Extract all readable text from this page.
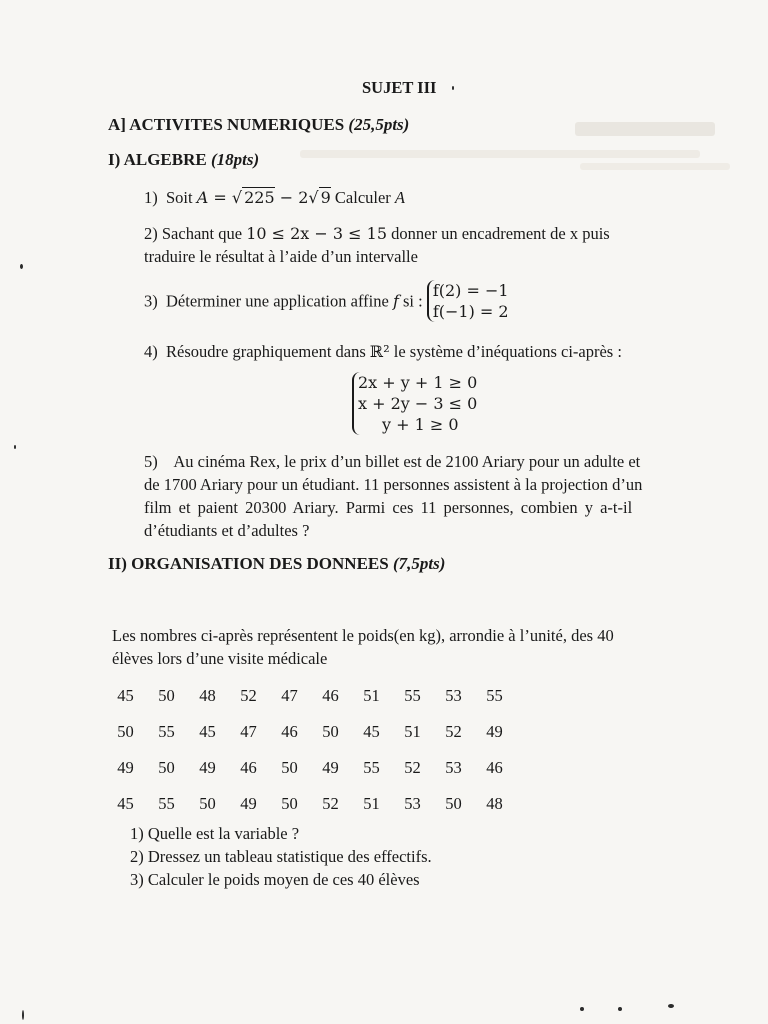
SUJET III
A] ACTIVITES NUMERIQUES (25,5pts)
I) ALGEBRE (18pts)
1) Soit A = √ 225 − 2√ 9 Calculer A
2) Sachant que 10 ≤ 2x − 3 ≤ 15 donner un encadrement de x puis
traduire le résultat à l’aide d’un intervalle
3) Déterminer une application affine f si :
f(2) = −1
f(−1) = 2
4) Résoudre graphiquement dans ℝ² le système d’inéquations ci-après :
2x + y + 1 ≥ 0
x + 2y − 3 ≤ 0
y + 1 ≥ 0
5) Au cinéma Rex, le prix d’un billet est de 2100 Ariary pour un adulte et
de 1700 Ariary pour un étudiant. 11 personnes assistent à la projection d’un
film et paient 20300 Ariary. Parmi ces 11 personnes, combien y a-t-il
d’étudiants et d’adultes ?
II) ORGANISATION DES DONNEES (7,5pts)
Les nombres ci-après représentent le poids(en kg), arrondie à l’unité, des 40
élèves lors d’une visite médicale
45	50	48	52	47	46	51	55	53	55
50	55	45	47	46	50	45	51	52	49
49	50	49	46	50	49	55	52	53	46
45	55	50	49	50	52	51	53	50	48
1) Quelle est la variable ?
2) Dressez un tableau statistique des effectifs.
3) Calculer le poids moyen de ces 40 élèves
